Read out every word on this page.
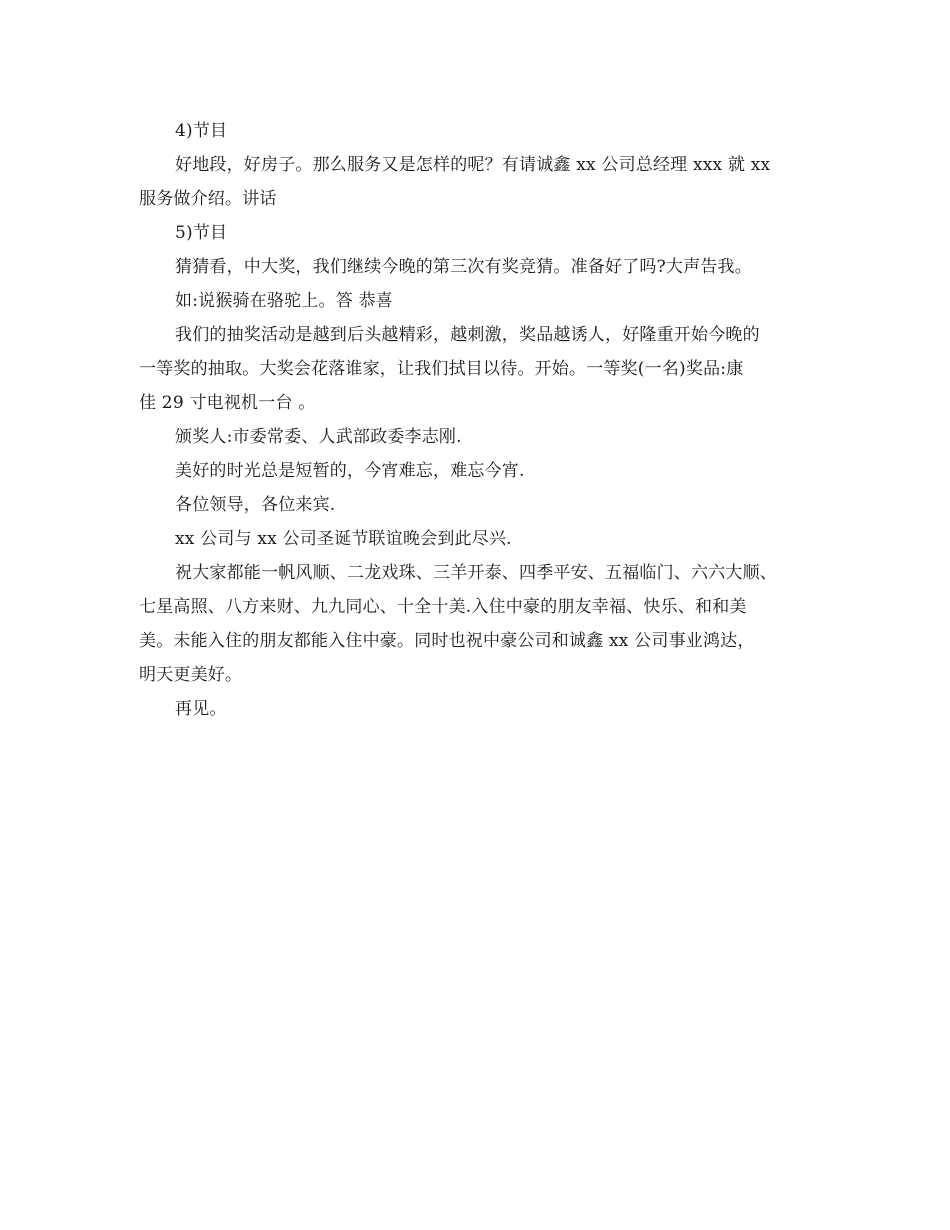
4)节目
好地段，好房子。那么服务又是怎样的呢？有请诚鑫 xx 公司总经理 xxx 就 xx
服务做介绍。讲话
5)节目
猜猜看，中大奖，我们继续今晚的第三次有奖竞猜。准备好了吗?大声告我。
如:说猴骑在骆驼上。答 恭喜
我们的抽奖活动是越到后头越精彩，越刺激，奖品越诱人，好隆重开始今晚的
一等奖的抽取。大奖会花落谁家，让我们拭目以待。开始。一等奖(一名)奖品:康
佳 29 寸电视机一台 。
颁奖人:市委常委、人武部政委李志刚.
美好的时光总是短暂的，今宵难忘，难忘今宵.
各位领导，各位来宾.
xx 公司与 xx 公司圣诞节联谊晚会到此尽兴.
祝大家都能一帆风顺、二龙戏珠、三羊开泰、四季平安、五福临门、六六大顺、
七星高照、八方来财、九九同心、十全十美.入住中豪的朋友幸福、快乐、和和美
美。未能入住的朋友都能入住中豪。同时也祝中豪公司和诚鑫 xx 公司事业鸿达，
明天更美好。
再见。
